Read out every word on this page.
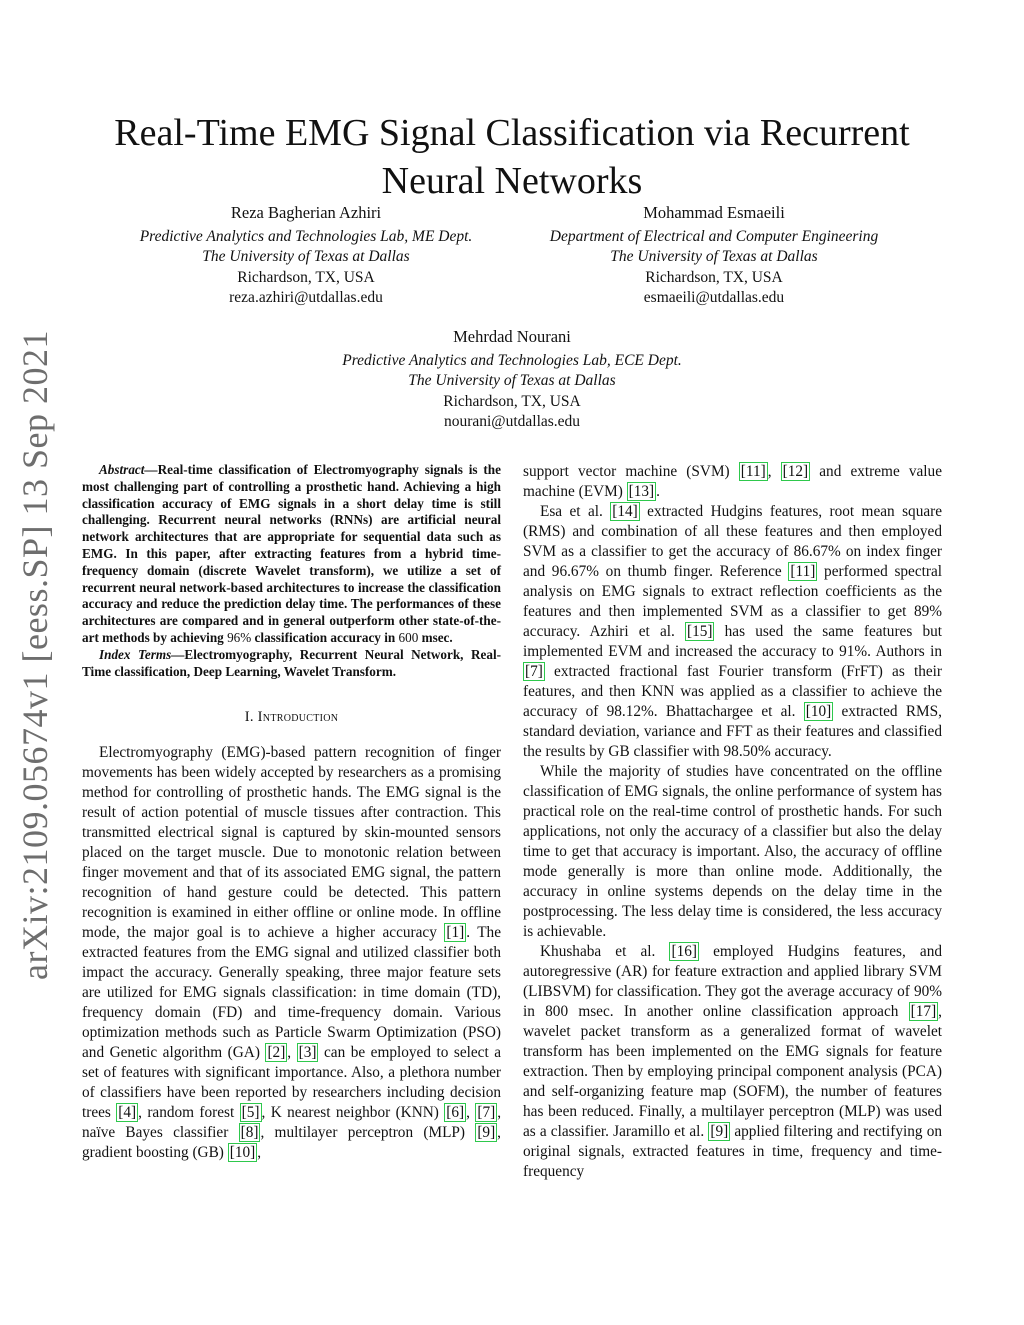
arXiv:2109.05674v1 [eess.SP] 13 Sep 2021
Real-Time EMG Signal Classification via Recurrent Neural Networks
Reza Bagherian Azhiri
Predictive Analytics and Technologies Lab, ME Dept.
The University of Texas at Dallas
Richardson, TX, USA
reza.azhiri@utdallas.edu
Mohammad Esmaeili
Department of Electrical and Computer Engineering
The University of Texas at Dallas
Richardson, TX, USA
esmaeili@utdallas.edu
Mehrdad Nourani
Predictive Analytics and Technologies Lab, ECE Dept.
The University of Texas at Dallas
Richardson, TX, USA
nourani@utdallas.edu

Abstract—Real-time classification of Electromyography signals is the most challenging part of controlling a prosthetic hand. Achieving a high classification accuracy of EMG signals in a short delay time is still challenging. Recurrent neural networks (RNNs) are artificial neural network architectures that are appropriate for sequential data such as EMG. In this paper, after extracting features from a hybrid time-frequency domain (discrete Wavelet transform), we utilize a set of recurrent neural network-based architectures to increase the classification accuracy and reduce the prediction delay time. The performances of these architectures are compared and in general outperform other state-of-the-art methods by achieving 96% classification accuracy in 600 msec.

Index Terms—Electromyography, Recurrent Neural Network, Real-Time classification, Deep Learning, Wavelet Transform.

I. Introduction

Electromyography (EMG)-based pattern recognition of finger movements has been widely accepted by researchers as a promising method for controlling of prosthetic hands. The EMG signal is the result of action potential of muscle tissues after contraction. This transmitted electrical signal is captured by skin-mounted sensors placed on the target muscle. Due to monotonic relation between finger movement and that of its associated EMG signal, the pattern recognition of hand gesture could be detected. This pattern recognition is examined in either offline or online mode. In offline mode, the major goal is to achieve a higher accuracy [1] . The extracted features from the EMG signal and utilized classifier both impact the accuracy. Generally speaking, three major feature sets are utilized for EMG signals classification: in time domain (TD), frequency domain (FD) and time-frequency domain. Various optimization methods such as Particle Swarm Optimization (PSO) and Genetic algorithm (GA) [2] , [3] can be employed to select a set of features with significant importance. Also, a plethora number of classifiers have been reported by researchers including decision trees [4] , random forest [5] , K nearest neighbor (KNN) [6] , [7] , naïve Bayes classifier [8] , multilayer perceptron (MLP) [9] , gradient boosting (GB) [10] ,

support vector machine (SVM) [11] , [12] and extreme value machine (EVM) [13] .

Esa et al. [14] extracted Hudgins features, root mean square (RMS) and combination of all these features and then employed SVM as a classifier to get the accuracy of 86.67% on index finger and 96.67% on thumb finger. Reference [11] performed spectral analysis on EMG signals to extract reflection coefficients as the features and then implemented SVM as a classifier to get 89% accuracy. Azhiri et al. [15] has used the same features but implemented EVM and increased the accuracy to 91%. Authors in [7] extracted fractional fast Fourier transform (FrFT) as their features, and then KNN was applied as a classifier to achieve the accuracy of 98.12%. Bhattachargee et al. [10] extracted RMS, standard deviation, variance and FFT as their features and classified the results by GB classifier with 98.50% accuracy.

While the majority of studies have concentrated on the offline classification of EMG signals, the online performance of system has practical role on the real-time control of prosthetic hands. For such applications, not only the accuracy of a classifier but also the delay time to get that accuracy is important. Also, the accuracy of offline mode generally is more than online mode. Additionally, the accuracy in online systems depends on the delay time in the postprocessing. The less delay time is considered, the less accuracy is achievable.

Khushaba et al. [16] employed Hudgins features, and autoregressive (AR) for feature extraction and applied library SVM (LIBSVM) for classification. They got the average accuracy of 90% in 800 msec. In another online classification approach [17] , wavelet packet transform as a generalized format of wavelet transform has been implemented on the EMG signals for feature extraction. Then by employing principal component analysis (PCA) and self-organizing feature map (SOFM), the number of features has been reduced. Finally, a multilayer perceptron (MLP) was used as a classifier. Jaramillo et al. [9] applied filtering and rectifying on original signals, extracted features in time, frequency and time-frequency
